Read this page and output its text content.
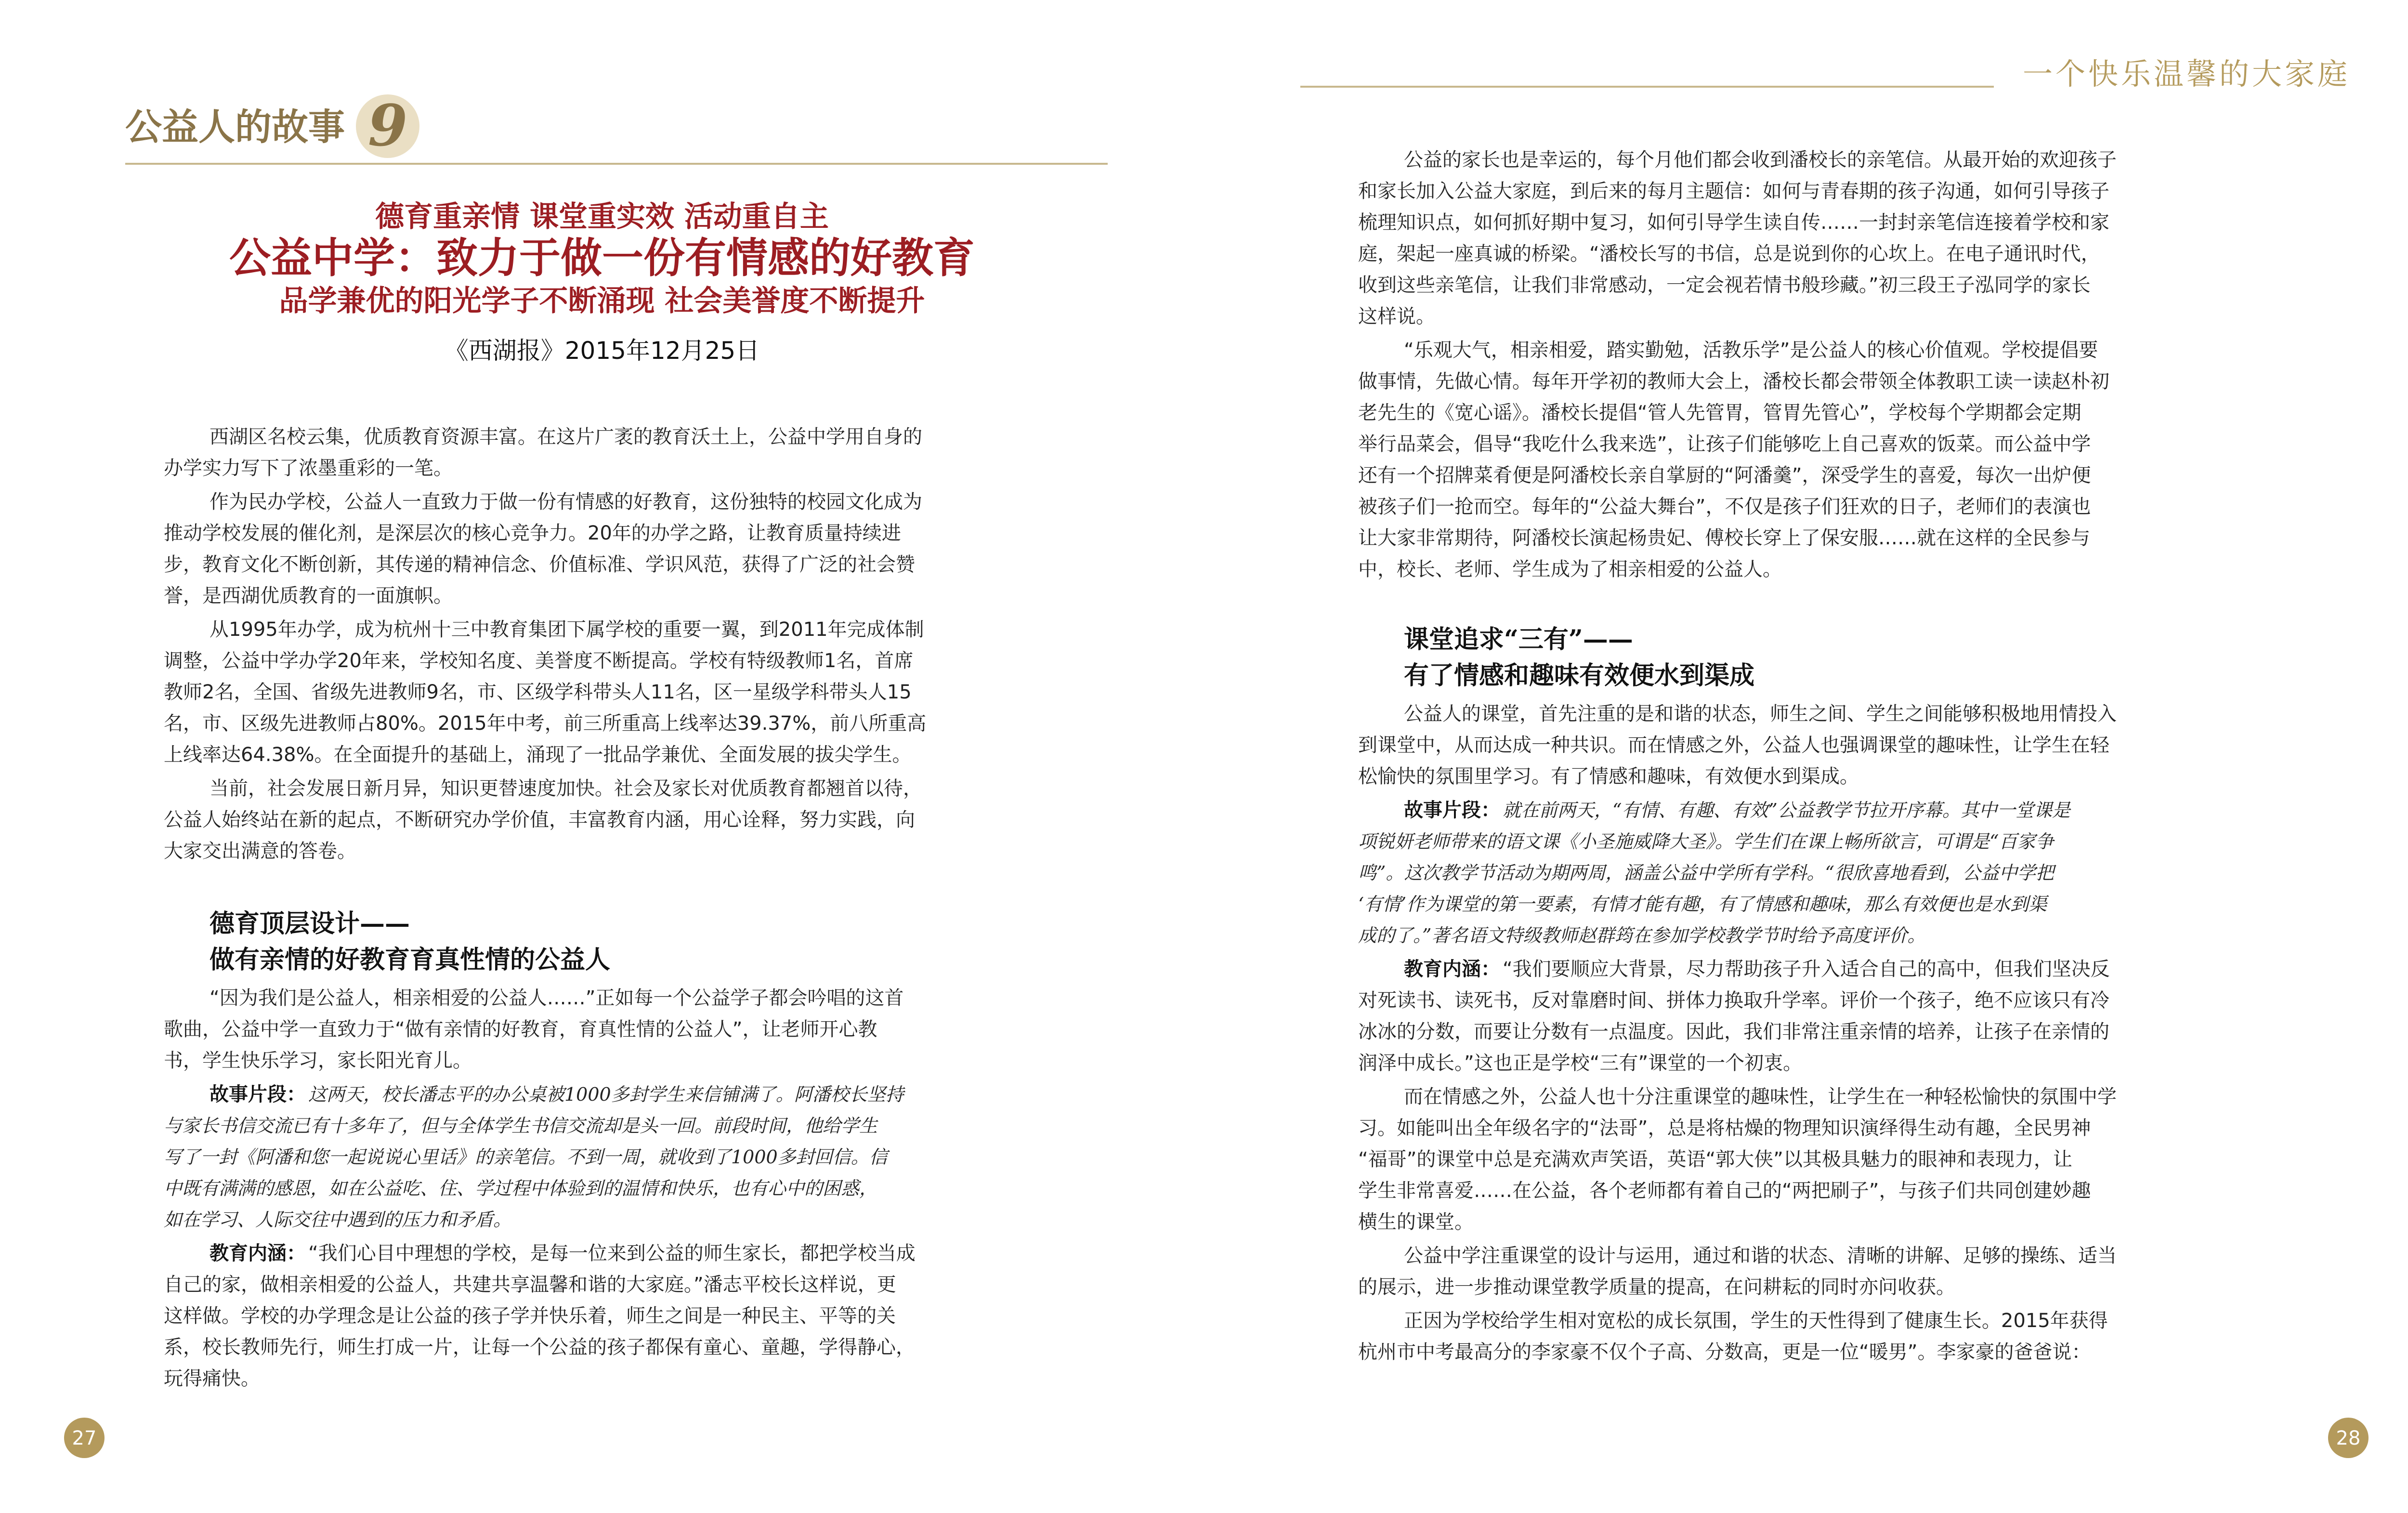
公益人的故事 9
一个快乐温馨的大家庭
德育重亲情 课堂重实效 活动重自主
公益中学：致力于做一份有情感的好教育
品学兼优的阳光学子不断涌现 社会美誉度不断提升
《西湖报》2015年12月25日
西湖区名校云集，优质教育资源丰富。在这片广袤的教育沃土上，公益中学用自身的 办学实力写下了浓墨重彩的一笔。
作为民办学校，公益人一直致力于做一份有情感的好教育，这份独特的校园文化成为 推动学校发展的催化剂，是深层次的核心竞争力。20年的办学之路，让教育质量持续进 步，教育文化不断创新，其传递的精神信念、价值标准、学识风范，获得了广泛的社会赞 誉，是西湖优质教育的一面旗帜。
从1995年办学，成为杭州十三中教育集团下属学校的重要一翼，到2011年完成体制 调整，公益中学办学20年来，学校知名度、美誉度不断提高。学校有特级教师1名，首席 教师2名，全国、省级先进教师9名，市、区级学科带头人11名，区一星级学科带头人15 名，市、区级先进教师占80%。2015年中考，前三所重高上线率达39.37%，前八所重高 上线率达64.38%。在全面提升的基础上，涌现了一批品学兼优、全面发展的拔尖学生。
当前，社会发展日新月异，知识更替速度加快。社会及家长对优质教育都翘首以待， 公益人始终站在新的起点，不断研究办学价值，丰富教育内涵，用心诠释，努力实践，向 大家交出满意的答卷。
德育顶层设计——
做有亲情的好教育育真性情的公益人
“因为我们是公益人，相亲相爱的公益人……”正如每一个公益学子都会吟唱的这首 歌曲，公益中学一直致力于“做有亲情的好教育，育真性情的公益人”，让老师开心教 书，学生快乐学习，家长阳光育儿。
故事片段： 这两天，校长潘志平的办公桌被1000多封学生来信铺满了。阿潘校长坚持 与家长书信交流已有十多年了，但与全体学生书信交流却是头一回。前段时间，他给学生 写了一封《阿潘和您一起说说心里话》的亲笔信。不到一周，就收到了1000多封回信。信 中既有满满的感恩，如在公益吃、住、学过程中体验到的温情和快乐，也有心中的困惑， 如在学习、人际交往中遇到的压力和矛盾。
教育内涵： “我们心目中理想的学校，是每一位来到公益的师生家长，都把学校当成 自己的家，做相亲相爱的公益人，共建共享温馨和谐的大家庭。”潘志平校长这样说，更 这样做。学校的办学理念是让公益的孩子学并快乐着，师生之间是一种民主、平等的关 系，校长教师先行，师生打成一片，让每一个公益的孩子都保有童心、童趣，学得静心， 玩得痛快。
公益的家长也是幸运的，每个月他们都会收到潘校长的亲笔信。从最开始的欢迎孩子 和家长加入公益大家庭，到后来的每月主题信：如何与青春期的孩子沟通，如何引导孩子 梳理知识点，如何抓好期中复习，如何引导学生读自传……一封封亲笔信连接着学校和家 庭，架起一座真诚的桥梁。“潘校长写的书信，总是说到你的心坎上。在电子通讯时代， 收到这些亲笔信，让我们非常感动，一定会视若情书般珍藏。”初三段王子泓同学的家长 这样说。
“乐观大气，相亲相爱，踏实勤勉，活教乐学”是公益人的核心价值观。学校提倡要 做事情，先做心情。每年开学初的教师大会上，潘校长都会带领全体教职工读一读赵朴初 老先生的《宽心谣》。潘校长提倡“管人先管胃，管胃先管心”，学校每个学期都会定期 举行品菜会，倡导“我吃什么我来选”，让孩子们能够吃上自己喜欢的饭菜。而公益中学 还有一个招牌菜肴便是阿潘校长亲自掌厨的“阿潘羹”，深受学生的喜爱，每次一出炉便 被孩子们一抢而空。每年的“公益大舞台”，不仅是孩子们狂欢的日子，老师们的表演也 让大家非常期待，阿潘校长演起杨贵妃、傅校长穿上了保安服……就在这样的全民参与 中，校长、老师、学生成为了相亲相爱的公益人。
课堂追求“三有”——
有了情感和趣味有效便水到渠成
公益人的课堂，首先注重的是和谐的状态，师生之间、学生之间能够积极地用情投入 到课堂中，从而达成一种共识。而在情感之外，公益人也强调课堂的趣味性，让学生在轻 松愉快的氛围里学习。有了情感和趣味，有效便水到渠成。
故事片段： 就在前两天，“有情、有趣、有效”公益教学节拉开序幕。其中一堂课是 项锐妍老师带来的语文课《小圣施威降大圣》。学生们在课上畅所欲言，可谓是“百家争 鸣”。这次教学节活动为期两周，涵盖公益中学所有学科。“很欣喜地看到，公益中学把 ‘有情’作为课堂的第一要素，有情才能有趣，有了情感和趣味，那么有效便也是水到渠 成的了。”著名语文特级教师赵群筠在参加学校教学节时给予高度评价。
教育内涵： “我们要顺应大背景，尽力帮助孩子升入适合自己的高中，但我们坚决反 对死读书、读死书，反对靠磨时间、拼体力换取升学率。评价一个孩子，绝不应该只有冷 冰冰的分数，而要让分数有一点温度。因此，我们非常注重亲情的培养，让孩子在亲情的 润泽中成长。”这也正是学校“三有”课堂的一个初衷。
而在情感之外，公益人也十分注重课堂的趣味性，让学生在一种轻松愉快的氛围中学 习。如能叫出全年级名字的“法哥”，总是将枯燥的物理知识演绎得生动有趣，全民男神 “福哥”的课堂中总是充满欢声笑语，英语“郭大侠”以其极具魅力的眼神和表现力，让 学生非常喜爱……在公益，各个老师都有着自己的“两把刷子”，与孩子们共同创建妙趣 横生的课堂。
公益中学注重课堂的设计与运用，通过和谐的状态、清晰的讲解、足够的操练、适当 的展示，进一步推动课堂教学质量的提高，在问耕耘的同时亦问收获。
正因为学校给学生相对宽松的成长氛围，学生的天性得到了健康生长。2015年获得 杭州市中考最高分的李家豪不仅个子高、分数高，更是一位“暖男”。李家豪的爸爸说：
27	28
